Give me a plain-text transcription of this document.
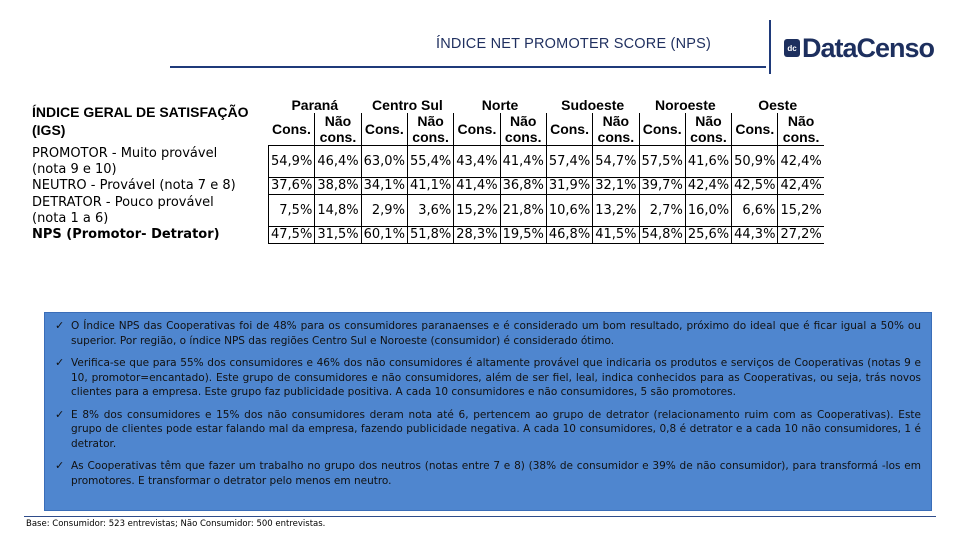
ÍNDICE NET PROMOTER SCORE (NPS)	dc DataCenso
ÍNDICE GERAL DE SATISFAÇÃO
(IGS)	Paraná		Centro Sul		Norte		Sudoeste		Noroeste		Oeste	
	Cons.	Não	Cons.	Não	Cons.	Não	Cons.	Não	Cons.	Não	Cons.	Não
		cons.		cons.		cons.		cons.		cons.		cons.

PROMOTOR - Muito provável
(nota 9 e 10)	54,9%	46,4%	63,0%	55,4%	43,4%	41,4%	57,4%	54,7%	57,5%	41,6%	50,9%	42,4%
NEUTRO - Provável (nota 7 e 8)	37,6%	38,8%	34,1%	41,1%	41,4%	36,8%	31,9%	32,1%	39,7%	42,4%	42,5%	42,4%

DETRATOR - Pouco provável
(nota 1 a 6)	7,5%	14,8%	2,9%	3,6%	15,2%	21,8%	10,6%	13,2%	2,7%	16,0%	6,6%	15,2%
NPS (Promotor- Detrator)	47,5%	31,5%	60,1%	51,8%	28,3%	19,5%	46,8%	41,5%	54,8%	25,6%	44,3%	27,2%
✓ O Índice NPS das Cooperativas foi de 48% para os consumidores paranaenses e é considerado um bom resultado, próximo do ideal que é ficar igual a 50% ou superior. Por região, o índice NPS das regiões Centro Sul e Noroeste (consumidor) é considerado ótimo.
✓ Verifica-se que para 55% dos consumidores e 46% dos não consumidores é altamente provável que indicaria os produtos e serviços de Cooperativas (notas 9 e 10, promotor=encantado). Este grupo de consumidores e não consumidores, além de ser fiel, leal, indica conhecidos para as Cooperativas, ou seja, trás novos clientes para a empresa. Este grupo faz publicidade positiva. A cada 10 consumidores e não consumidores, 5 são promotores.
✓ E 8% dos consumidores e 15% dos não consumidores deram nota até 6, pertencem ao grupo de detrator (relacionamento ruim com as Cooperativas). Este grupo de clientes pode estar falando mal da empresa, fazendo publicidade negativa. A cada 10 consumidores, 0,8 é detrator e a cada 10 não consumidores, 1 é detrator.
✓ As Cooperativas têm que fazer um trabalho no grupo dos neutros (notas entre 7 e 8) (38% de consumidor e 39% de não consumidor), para transformá -los em promotores. E transformar o detrator pelo menos em neutro.
Base: Consumidor: 523 entrevistas; Não Consumidor: 500 entrevistas.
